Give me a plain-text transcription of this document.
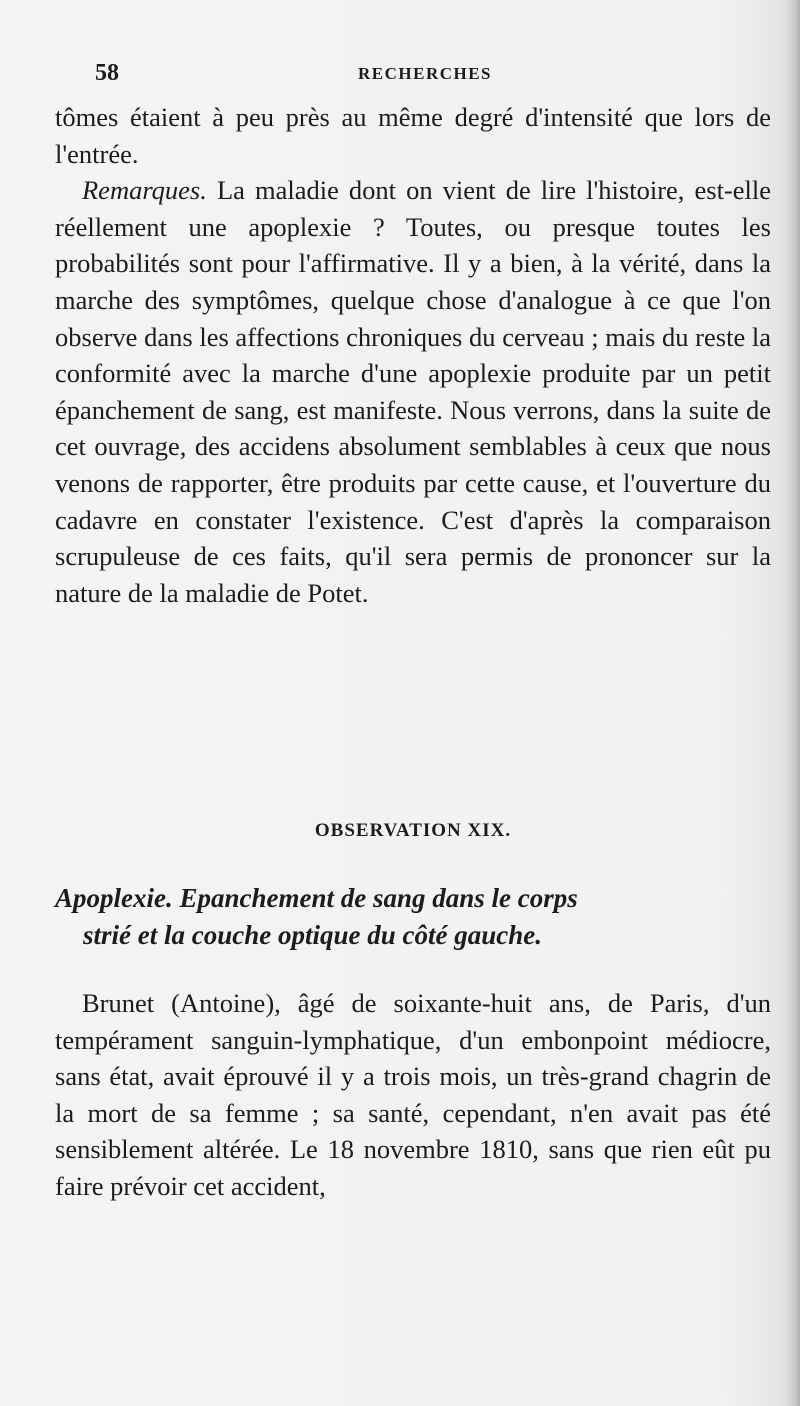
58	RECHERCHES

tômes étaient à peu près au même degré d'intensité que lors de l'entrée.

Remarques. La maladie dont on vient de lire l'histoire, est-elle réellement une apoplexie ? Toutes, ou presque toutes les probabilités sont pour l'affirmative. Il y a bien, à la vérité, dans la marche des symptômes, quelque chose d'analogue à ce que l'on observe dans les affections chroniques du cerveau ; mais du reste la conformité avec la marche d'une apoplexie produite par un petit épanchement de sang, est manifeste. Nous verrons, dans la suite de cet ouvrage, des accidens absolument semblables à ceux que nous venons de rapporter, être produits par cette cause, et l'ouverture du cadavre en constater l'existence. C'est d'après la comparaison scrupuleuse de ces faits, qu'il sera permis de prononcer sur la nature de la maladie de Potet.

OBSERVATION XIX.
Apoplexie. Epanchement de sang dans le corps
strié et la couche optique du côté gauche.

Brunet (Antoine), âgé de soixante-huit ans, de Paris, d'un tempérament sanguin-lymphatique, d'un embonpoint médiocre, sans état, avait éprouvé il y a trois mois, un très-grand chagrin de la mort de sa femme ; sa santé, cependant, n'en avait pas été sensiblement altérée. Le 18 novembre 1810, sans que rien eût pu faire prévoir cet accident,
